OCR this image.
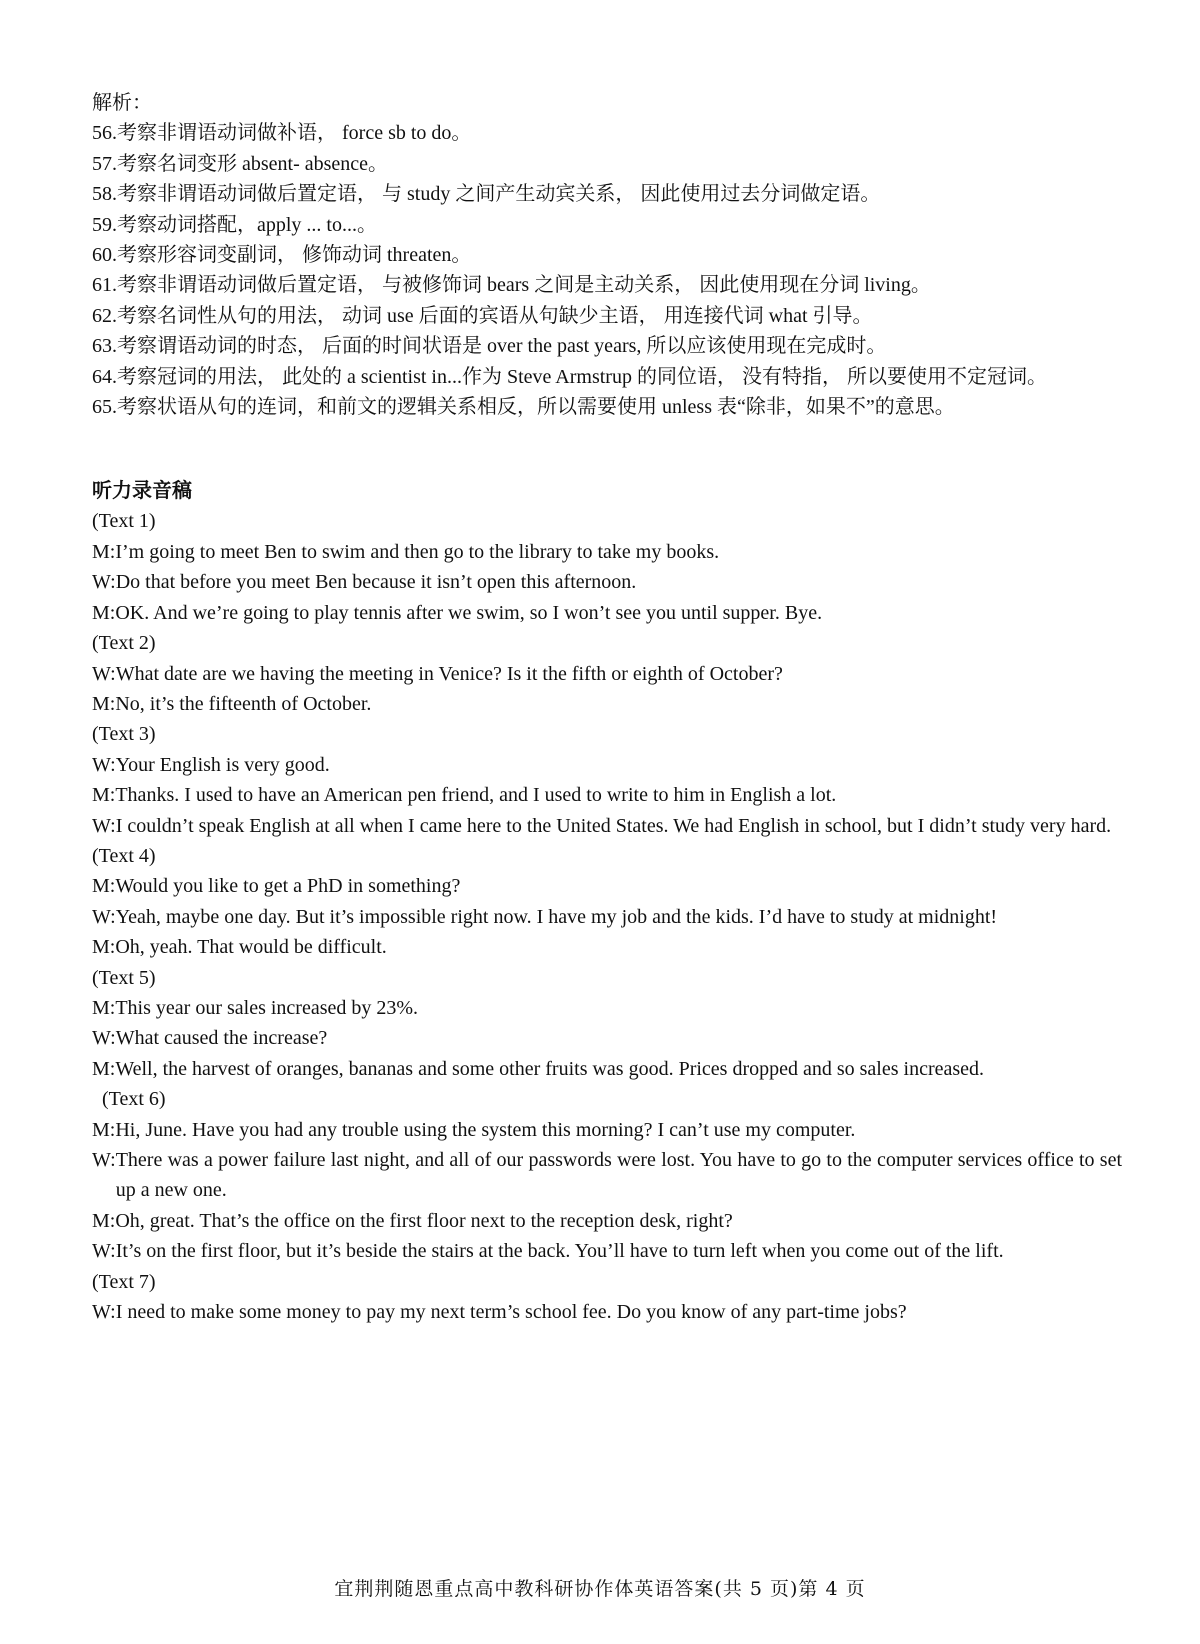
解析：
56.考察非谓语动词做补语， force sb to do。
57.考察名词变形 absent- absence。
58.考察非谓语动词做后置定语， 与 study 之间产生动宾关系， 因此使用过去分词做定语。
59.考察动词搭配，apply ... to...。
60.考察形容词变副词， 修饰动词 threaten。
61.考察非谓语动词做后置定语， 与被修饰词 bears 之间是主动关系， 因此使用现在分词 living。
62.考察名词性从句的用法， 动词 use 后面的宾语从句缺少主语， 用连接代词 what 引导。
63.考察谓语动词的时态， 后面的时间状语是 over the past years, 所以应该使用现在完成时。
64.考察冠词的用法， 此处的 a scientist in...作为 Steve Armstrup 的同位语， 没有特指， 所以要使用不定冠词。
65.考察状语从句的连词，和前文的逻辑关系相反，所以需要使用 unless 表“除非，如果不”的意思。
听力录音稿
(Text 1)
M: I’m going to meet Ben to swim and then go to the library to take my books.
W: Do that before you meet Ben because it isn’t open this afternoon.
M: OK. And we’re going to play tennis after we swim, so I won’t see you until supper. Bye.
(Text 2)
W: What date are we having the meeting in Venice? Is it the fifth or eighth of October?
M: No, it’s the fifteenth of October.
(Text 3)
W: Your English is very good.
M: Thanks. I used to have an American pen friend, and I used to write to him in English a lot.
W: I couldn’t speak English at all when I came here to the United States. We had English in school, but I didn’t study very hard.
(Text 4)
M: Would you like to get a PhD in something?
W: Yeah, maybe one day. But it’s impossible right now. I have my job and the kids. I’d have to study at midnight!
M: Oh, yeah. That would be difficult.
(Text 5)
M: This year our sales increased by 23%.
W: What caused the increase?
M: Well, the harvest of oranges, bananas and some other fruits was good. Prices dropped and so sales increased.
(Text 6)
M: Hi, June. Have you had any trouble using the system this morning? I can’t use my computer.
W: There was a power failure last night, and all of our passwords were lost. You have to go to the computer services office to set up a new one.
M: Oh, great. That’s the office on the first floor next to the reception desk, right?
W: It’s on the first floor, but it’s beside the stairs at the back. You’ll have to turn left when you come out of the lift.
(Text 7)
W: I need to make some money to pay my next term’s school fee. Do you know of any part-time jobs?
宜荆荆随恩重点高中教科研协作体英语答案(共 5 页)第 4 页
